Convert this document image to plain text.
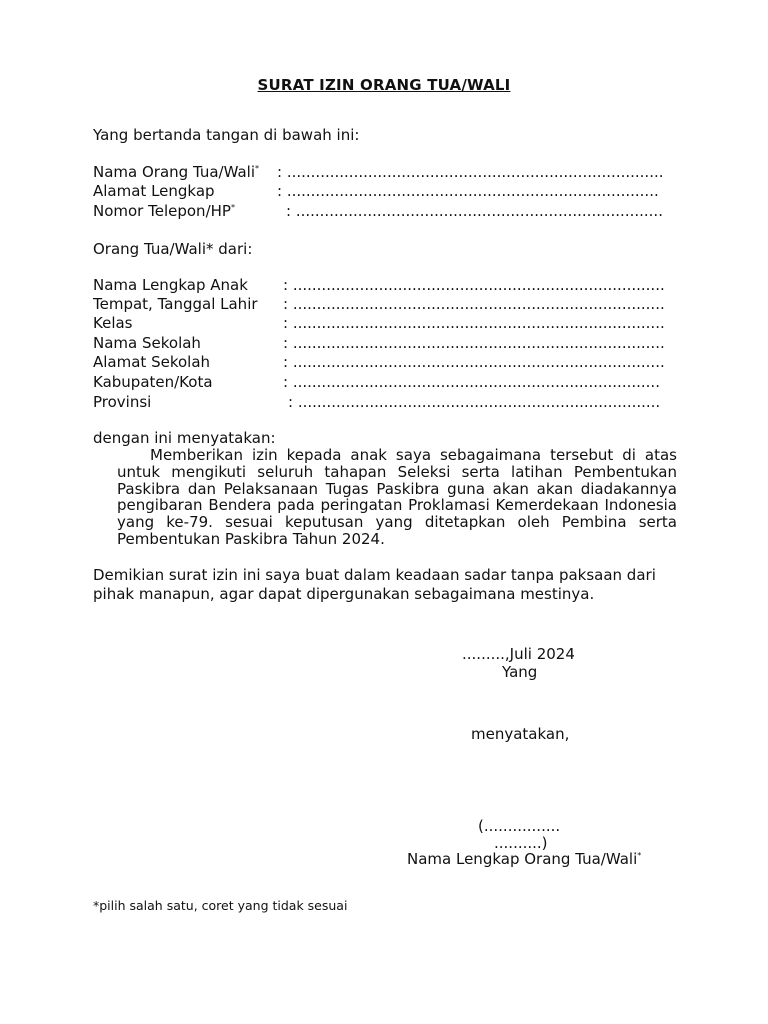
SURAT IZIN ORANG TUA/WALI
Yang bertanda tangan di bawah ini:
Nama Orang Tua/Wali* : ...............................................................................
Alamat Lengkap	: ..............................................................................
Nomor Telepon/HP*	: .............................................................................
Orang Tua/Wali* dari:
Nama Lengkap Anak : ..............................................................................
Tempat, Tanggal Lahir : ..............................................................................
Kelas	: ..............................................................................
Nama Sekolah	: ..............................................................................
Alamat Sekolah	: ..............................................................................
Kabupaten/Kota	: .............................................................................
Provinsi	: ............................................................................
dengan ini menyatakan:
Memberikan izin kepada anak saya sebagaimana tersebut di atas untuk mengikuti seluruh tahapan Seleksi serta latihan Pembentukan Paskibra dan Pelaksanaan Tugas Paskibra guna akan akan diadakannya pengibaran Bendera pada peringatan Proklamasi Kemerdekaan Indonesia yang ke-79. sesuai keputusan yang ditetapkan oleh Pembina serta Pembentukan Paskibra Tahun 2024.
Demikian surat izin ini saya buat dalam keadaan sadar tanpa paksaan dari pihak manapun, agar dapat dipergunakan sebagaimana mestinya.
.........,Juli 2024
Yang
menyatakan,
(................
..........)
Nama Lengkap Orang Tua/Wali*
*pilih salah satu, coret yang tidak sesuai
